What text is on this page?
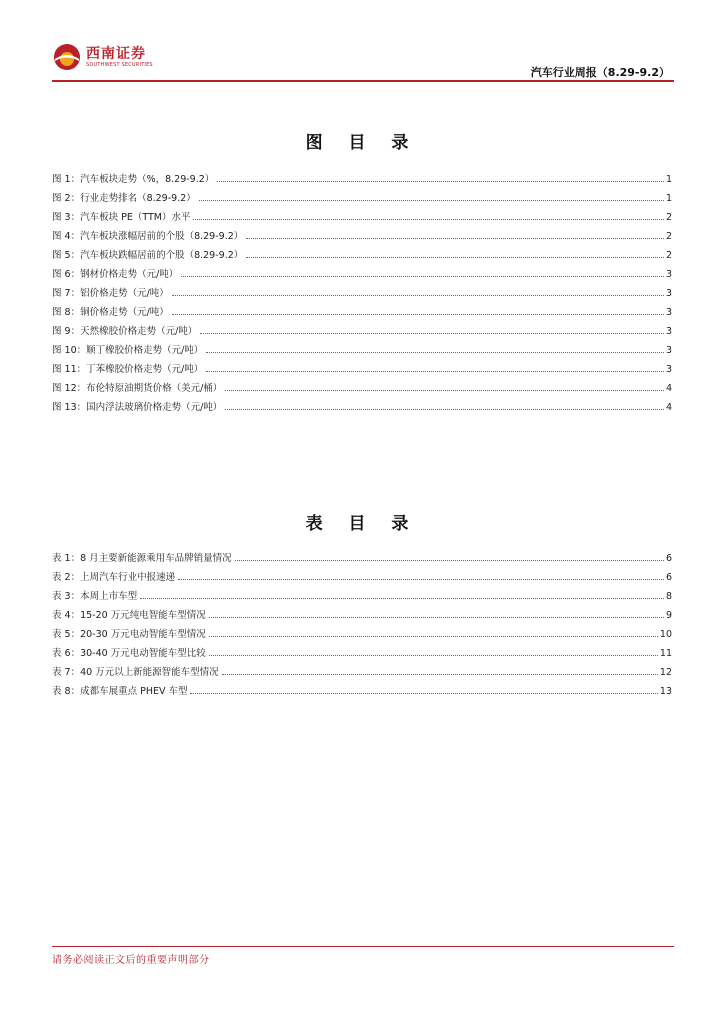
西南证券
SOUTHWEST SECURITIES
汽车行业周报（8.29-9.2）
图 目 录
图 1：汽车板块走势（%，8.29-9.2）	1
图 2：行业走势排名（8.29-9.2）	1
图 3：汽车板块 PE（TTM）水平	2
图 4：汽车板块涨幅居前的个股（8.29-9.2）	2
图 5：汽车板块跌幅居前的个股（8.29-9.2）	2
图 6：钢材价格走势（元/吨）	3
图 7：铝价格走势（元/吨）	3
图 8：铜价格走势（元/吨）	3
图 9：天然橡胶价格走势（元/吨）	3
图 10：顺丁橡胶价格走势（元/吨）	3
图 11：丁苯橡胶价格走势（元/吨）	3
图 12：布伦特原油期货价格（美元/桶）	4
图 13：国内浮法玻璃价格走势（元/吨）	4
表 目 录
表 1：8 月主要新能源乘用车品牌销量情况	6
表 2：上周汽车行业中报速递	6
表 3：本周上市车型	8
表 4：15-20 万元纯电智能车型情况	9
表 5：20-30 万元电动智能车型情况	10
表 6：30-40 万元电动智能车型比较	11
表 7：40 万元以上新能源智能车型情况	12
表 8：成都车展重点 PHEV 车型	13
请务必阅读正文后的重要声明部分
